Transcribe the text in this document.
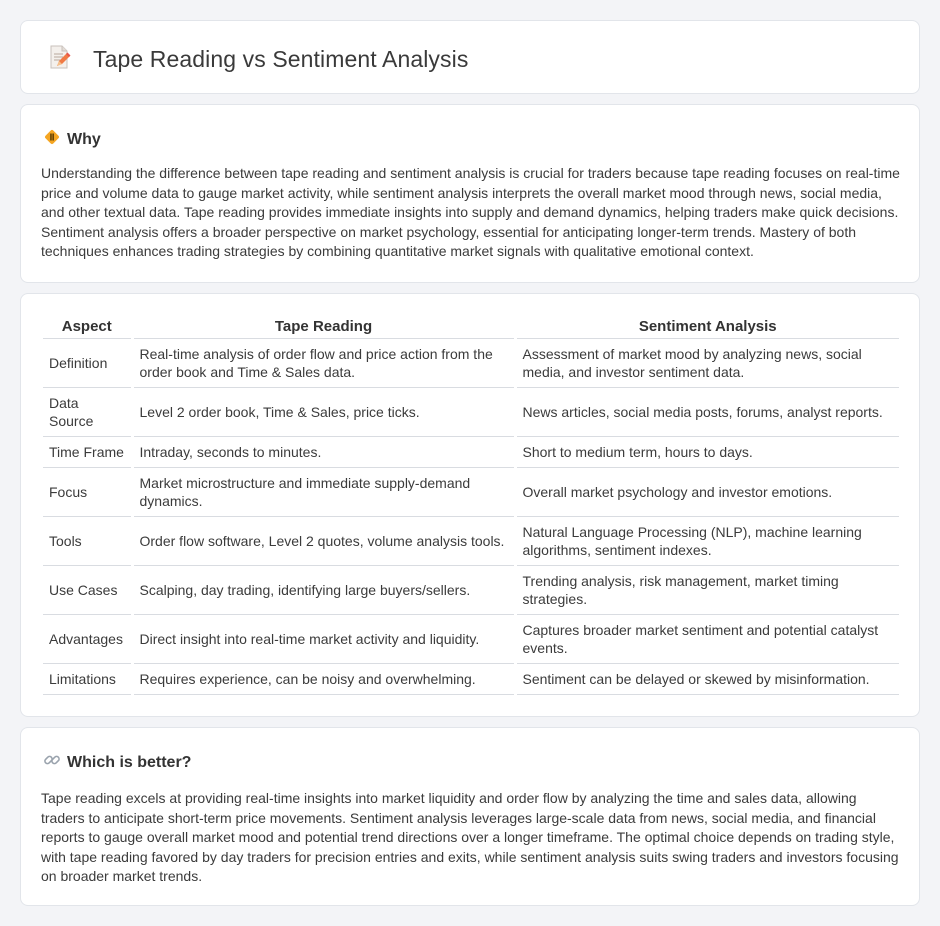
Tape Reading vs Sentiment Analysis
Why

Understanding the difference between tape reading and sentiment analysis is crucial for traders because tape reading focuses on real-time price and volume data to gauge market activity, while sentiment analysis interprets the overall market mood through news, social media, and other textual data. Tape reading provides immediate insights into supply and demand dynamics, helping traders make quick decisions. Sentiment analysis offers a broader perspective on market psychology, essential for anticipating longer-term trends. Mastery of both techniques enhances trading strategies by combining quantitative market signals with qualitative emotional context.

Aspect	Tape Reading	Sentiment Analysis
Definition	Real-time analysis of order flow and price action from the order book and Time & Sales data.	Assessment of market mood by analyzing news, social media, and investor sentiment data.
Data Source	Level 2 order book, Time & Sales, price ticks.	News articles, social media posts, forums, analyst reports.
Time Frame	Intraday, seconds to minutes.	Short to medium term, hours to days.
Focus	Market microstructure and immediate supply-demand dynamics.	Overall market psychology and investor emotions.
Tools	Order flow software, Level 2 quotes, volume analysis tools.	Natural Language Processing (NLP), machine learning algorithms, sentiment indexes.
Use Cases	Scalping, day trading, identifying large buyers/sellers.	Trending analysis, risk management, market timing strategies.
Advantages	Direct insight into real-time market activity and liquidity.	Captures broader market sentiment and potential catalyst events.
Limitations	Requires experience, can be noisy and overwhelming.	Sentiment can be delayed or skewed by misinformation.
Which is better?

Tape reading excels at providing real-time insights into market liquidity and order flow by analyzing the time and sales data, allowing traders to anticipate short-term price movements. Sentiment analysis leverages large-scale data from news, social media, and financial reports to gauge overall market mood and potential trend directions over a longer timeframe. The optimal choice depends on trading style, with tape reading favored by day traders for precision entries and exits, while sentiment analysis suits swing traders and investors focusing on broader market trends.
